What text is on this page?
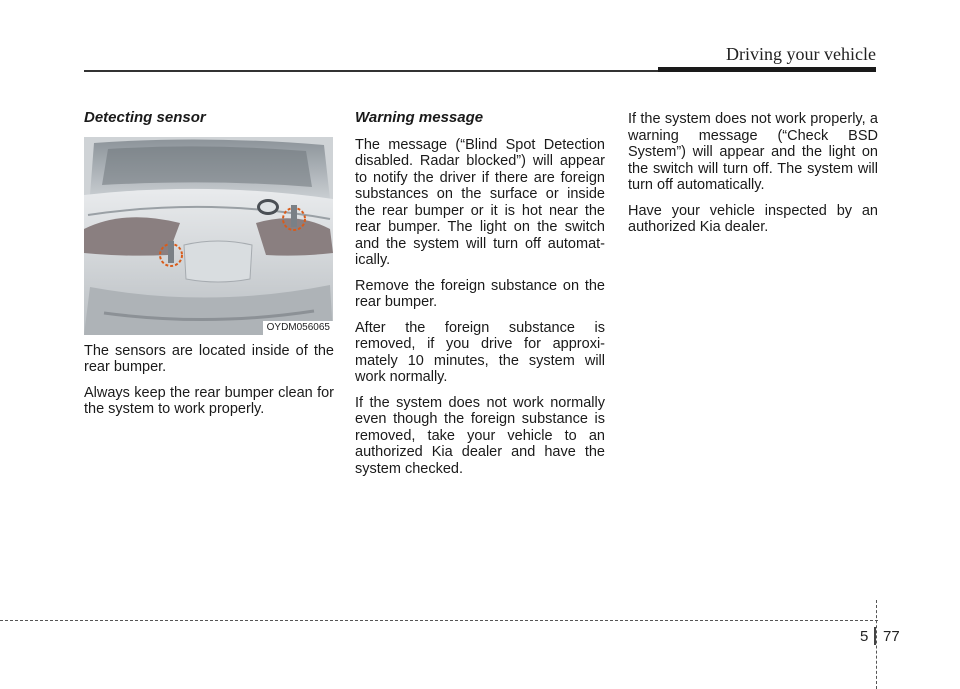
Driving your vehicle
Detecting sensor
OYDM056065

The sensors are located inside of the rear bumper.

Always keep the rear bumper clean for the system to work properly.

Warning message

The message (“Blind Spot Detection disabled. Radar blocked”) will appear to notify the driver if there are foreign substances on the surface or inside the rear bumper or it is hot near the rear bumper. The light on the switch and the system will turn off automat-ically.

Remove the foreign substance on the rear bumper.

After the foreign substance is removed, if you drive for approxi-mately 10 minutes, the system will work normally.

If the system does not work normally even though the foreign substance is removed, take your vehicle to an authorized Kia dealer and have the system checked.

If the system does not work properly, a warning message (“Check BSD System”) will appear and the light on the switch will turn off. The system will turn off automatically.

Have your vehicle inspected by an authorized Kia dealer.

5 77
